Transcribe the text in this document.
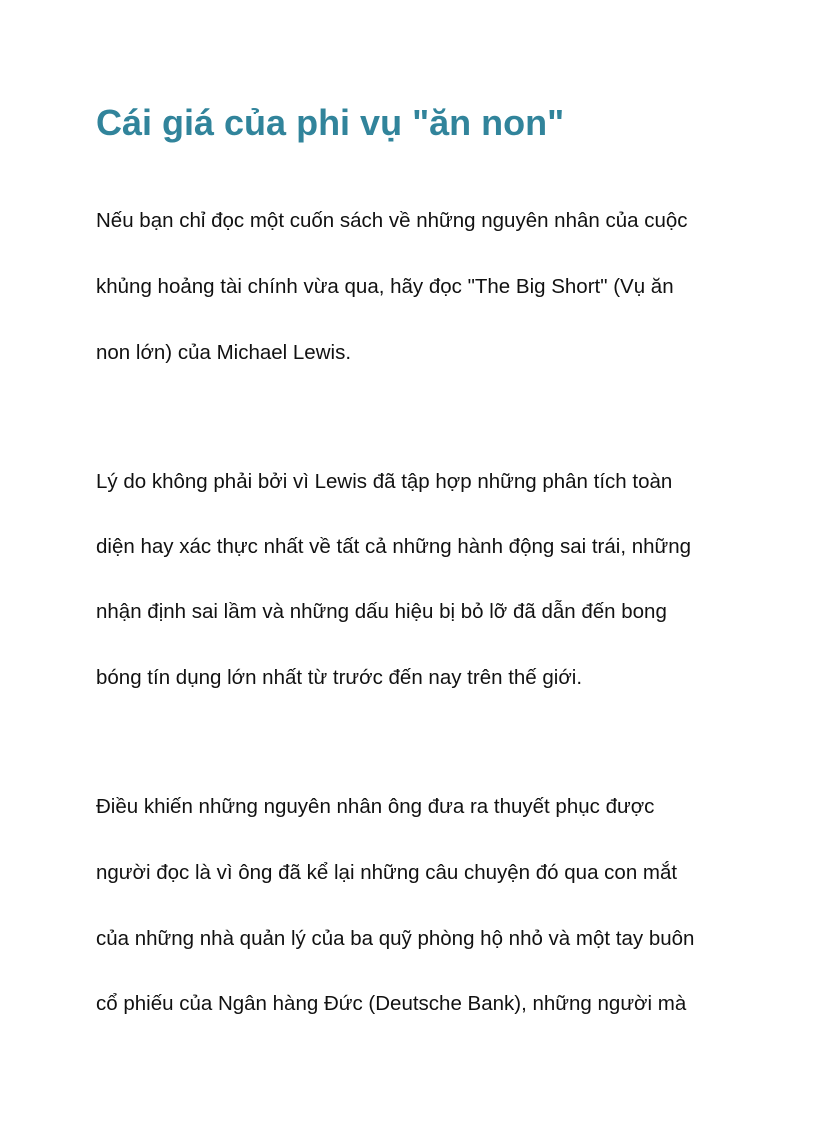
Cái giá của phi vụ "ăn non"

Nếu bạn chỉ đọc một cuốn sách về những nguyên nhân của cuộc

khủng hoảng tài chính vừa qua, hãy đọc "The Big Short" (Vụ ăn

non lớn) của Michael Lewis.

Lý do không phải bởi vì Lewis đã tập hợp những phân tích toàn

diện hay xác thực nhất về tất cả những hành động sai trái, những

nhận định sai lầm và những dấu hiệu bị bỏ lỡ đã dẫn đến bong

bóng tín dụng lớn nhất từ trước đến nay trên thế giới.

Điều khiến những nguyên nhân ông đưa ra thuyết phục được

người đọc là vì ông đã kể lại những câu chuyện đó qua con mắt

của những nhà quản lý của ba quỹ phòng hộ nhỏ và một tay buôn

cổ phiếu của Ngân hàng Đức (Deutsche Bank), những người mà
